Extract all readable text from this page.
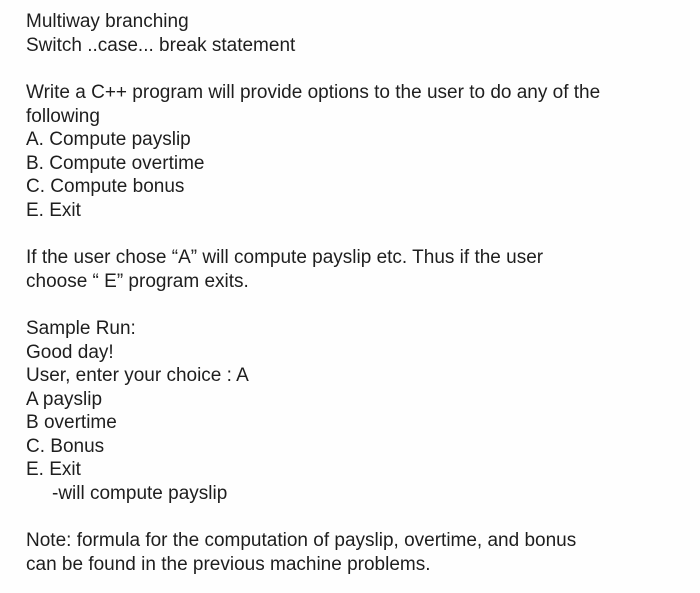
Multiway branching
Switch ..case... break statement
Write a C++ program will provide options to the user to do any of the
following
A. Compute payslip
B. Compute overtime
C. Compute bonus
E. Exit
If the user chose “A” will compute payslip etc. Thus if the user
choose “ E” program exits.
Sample Run:
Good day!
User, enter your choice : A
A payslip
B overtime
C. Bonus
E. Exit
-will compute payslip
Note: formula for the computation of payslip, overtime, and bonus
can be found in the previous machine problems.
